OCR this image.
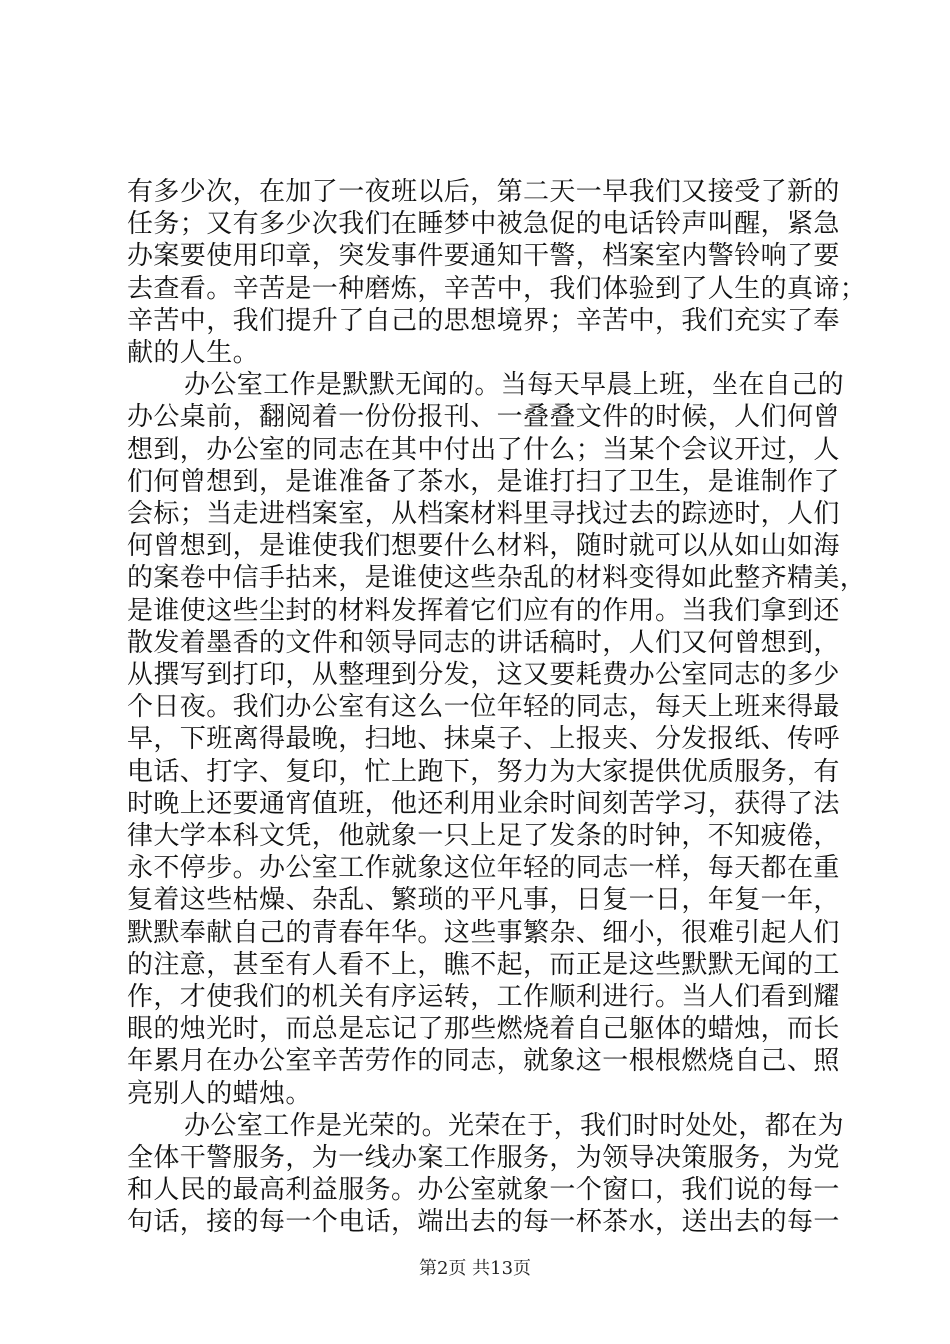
有多少次，在加了一夜班以后，第二天一早我们又接受了新的
任务；又有多少次我们在睡梦中被急促的电话铃声叫醒，紧急
办案要使用印章，突发事件要通知干警，档案室内警铃响了要
去查看。辛苦是一种磨炼，辛苦中，我们体验到了人生的真谛；
辛苦中，我们提升了自己的思想境界；辛苦中，我们充实了奉
献的人生。
办公室工作是默默无闻的。当每天早晨上班，坐在自己的
办公桌前，翻阅着一份份报刊、一叠叠文件的时候，人们何曾
想到，办公室的同志在其中付出了什么；当某个会议开过，人
们何曾想到，是谁准备了茶水，是谁打扫了卫生，是谁制作了
会标；当走进档案室，从档案材料里寻找过去的踪迹时，人们
何曾想到，是谁使我们想要什么材料，随时就可以从如山如海
的案卷中信手拈来，是谁使这些杂乱的材料变得如此整齐精美，
是谁使这些尘封的材料发挥着它们应有的作用。当我们拿到还
散发着墨香的文件和领导同志的讲话稿时，人们又何曾想到，
从撰写到打印，从整理到分发，这又要耗费办公室同志的多少
个日夜。我们办公室有这么一位年轻的同志，每天上班来得最
早，下班离得最晚，扫地、抹桌子、上报夹、分发报纸、传呼
电话、打字、复印，忙上跑下，努力为大家提供优质服务，有
时晚上还要通宵值班，他还利用业余时间刻苦学习，获得了法
律大学本科文凭，他就象一只上足了发条的时钟，不知疲倦，
永不停步。办公室工作就象这位年轻的同志一样，每天都在重
复着这些枯燥、杂乱、繁琐的平凡事，日复一日，年复一年，
默默奉献自己的青春年华。这些事繁杂、细小，很难引起人们
的注意，甚至有人看不上，瞧不起，而正是这些默默无闻的工
作，才使我们的机关有序运转，工作顺利进行。当人们看到耀
眼的烛光时，而总是忘记了那些燃烧着自己躯体的蜡烛，而长
年累月在办公室辛苦劳作的同志，就象这一根根燃烧自己、照
亮别人的蜡烛。
办公室工作是光荣的。光荣在于，我们时时处处，都在为
全体干警服务，为一线办案工作服务，为领导决策服务，为党
和人民的最高利益服务。办公室就象一个窗口，我们说的每一
句话，接的每一个电话，端出去的每一杯茶水，送出去的每一
第2页 共13页
